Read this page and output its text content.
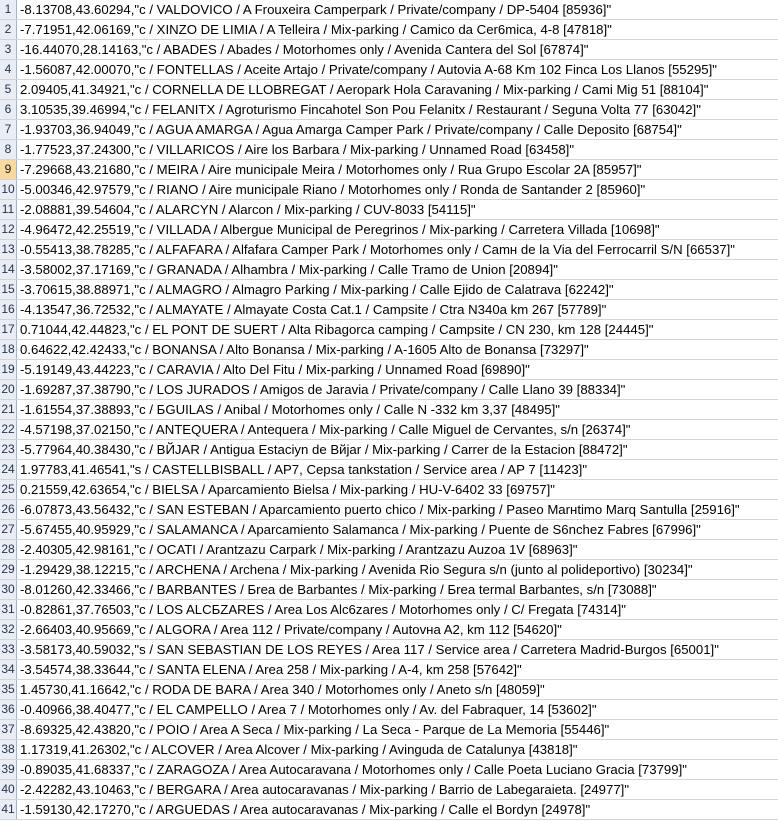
1 -8.13708,43.60294,"c / VALDOVICO / A Frouxeira Camperpark / Private/company / DP-5404 [85936]"
2 -7.71951,42.06169,"c / XINZO DE LIMIA / A Telleira / Mix-parking / Camico da Cer6mica, 4-8 [47818]"
3 -16.44070,28.14163,"c / ABADES / Abades / Motorhomes only / Avenida Cantera del Sol [67874]"
4 -1.56087,42.00070,"c / FONTELLAS / Aceite Artajo / Private/company / Autovia A-68 Km 102 Finca Los Llanos [55295]"
5 2.09405,41.34921,"c / CORNELLA DE LLOBREGAT / Aeropark Hola Caravaning / Mix-parking / Cami Mig 51 [88104]"
6 3.10535,39.46994,"c / FELANITX / Agroturismo Fincahotel Son Pou Felanitx / Restaurant / Seguna Volta 77 [63042]"
7 -1.93703,36.94049,"c / AGUA AMARGA / Agua Amarga Camper Park / Private/company / Calle Deposito [68754]"
8 -1.77523,37.24300,"c / VILLARICOS / Aire los Barbara / Mix-parking / Unnamed Road [63458]"
9 -7.29668,43.21680,"c / MEIRA / Aire municipale Meira / Motorhomes only / Rua Grupo Escolar 2A [85957]"
10 -5.00346,42.97579,"c / RIANO / Aire municipale Riano / Motorhomes only / Ronda de Santander 2 [85960]"
11 -2.08881,39.54604,"c / ALARCYN / Alarcon / Mix-parking / CUV-8033 [54115]"
12 -4.96472,42.25519,"c / VILLADA / Albergue Municipal de Peregrinos / Mix-parking / Carretera Villada [10698]"
13 -0.55413,38.78285,"c / ALFAFARA / Alfafara Camper Park / Motorhomes only / Camн de la Via del Ferrocarril S/N [66537]"
14 -3.58002,37.17169,"c / GRANADA / Alhambra / Mix-parking / Calle Tramo de Union [20894]"
15 -3.70615,38.88971,"c / ALMAGRO / Almagro Parking / Mix-parking / Calle Ejido de Calatrava [62242]"
16 -4.13547,36.72532,"c / ALMAYATE / Almayate Costa Cat.1 / Campsite / Ctra N340a km 267 [57789]"
17 0.71044,42.44823,"c / EL PONT DE SUERT / Alta Ribagorca camping / Campsite / CN 230, km 128 [24445]"
18 0.64622,42.42433,"c / BONANSA / Alto Bonansa / Mix-parking / A-1605 Alto de Bonansa [73297]"
19 -5.19149,43.44223,"c / CARAVIA / Alto Del Fitu / Mix-parking / Unnamed Road [69890]"
20 -1.69287,37.38790,"c / LOS JURADOS / Amigos de Jaravia / Private/company / Calle Llano 39 [88334]"
21 -1.61554,37.38893,"c / БGUILAS / Anibal / Motorhomes only / Calle N -332 km 3,37 [48495]"
22 -4.57198,37.02150,"c / ANTEQUERA / Antequera / Mix-parking / Calle Miguel de Cervantes, s/n [26374]"
23 -5.77964,40.38430,"c / ВЙJAR / Antigua Estaciyn de Вйjar / Mix-parking / Carrer de la Estacion [88472]"
24 1.97783,41.46541,"s / CASTELLBISBALL / AP7, Cepsa tankstation / Service area / AP 7 [11423]"
25 0.21559,42.63654,"c / BIELSA / Aparcamiento Bielsa / Mix-parking / HU-V-6402 33 [69757]"
26 -6.07873,43.56432,"c / SAN ESTEBAN / Aparcamiento puerto chico / Mix-parking / Paseo Marнtimo Marq Santulla [25916]"
27 -5.67455,40.95929,"c / SALAMANCA / Aparcamiento Salamanca / Mix-parking / Puente de S6nchez Fabres [67996]"
28 -2.40305,42.98161,"c / OCATI / Arantzazu Carpark / Mix-parking / Arantzazu Auzoa 1V [68963]"
29 -1.29429,38.12215,"c / ARCHENA / Archena / Mix-parking / Avenida Rio Segura s/n (junto al polideportivo) [30234]"
30 -8.01260,42.33466,"c / BARBANTES / Бrea de Barbantes / Mix-parking / Бrea termal Barbantes, s/n [73088]"
31 -0.82861,37.76503,"c / LOS ALCБZARES / Area Los Alc6zares / Motorhomes only / C/ Fregata [74314]"
32 -2.66403,40.95669,"c / ALGORA / Area 112 / Private/company / Autovнa A2, km 112 [54620]"
33 -3.58173,40.59032,"s / SAN SEBASTIAN DE LOS REYES / Area 117 / Service area / Carretera Madrid-Burgos [65001]"
34 -3.54574,38.33644,"c / SANTA ELENA / Area 258 / Mix-parking / A-4, km 258 [57642]"
35 1.45730,41.16642,"c / RODA DE BARA / Area 340 / Motorhomes only / Aneto s/n [48059]"
36 -0.40966,38.40477,"c / EL CAMPELLO / Area 7 / Motorhomes only / Av. del Fabraquer, 14 [53602]"
37 -8.69325,42.43820,"c / POIO / Area A Seca / Mix-parking / La Seca - Parque de La Memoria [55446]"
38 1.17319,41.26302,"c / ALCOVER / Area Alcover / Mix-parking / Avinguda de Catalunya [43818]"
39 -0.89035,41.68337,"c / ZARAGOZA / Area Autocaravana / Motorhomes only / Calle Poeta Luciano Gracia [73799]"
40 -2.42282,43.10463,"c / BERGARA / Area autocaravanas / Mix-parking / Barrio de Labegaraieta. [24977]"
41 -1.59130,42.17270,"c / ARGUEDAS / Area autocaravanas / Mix-parking / Calle el Bordyn [24978]"
